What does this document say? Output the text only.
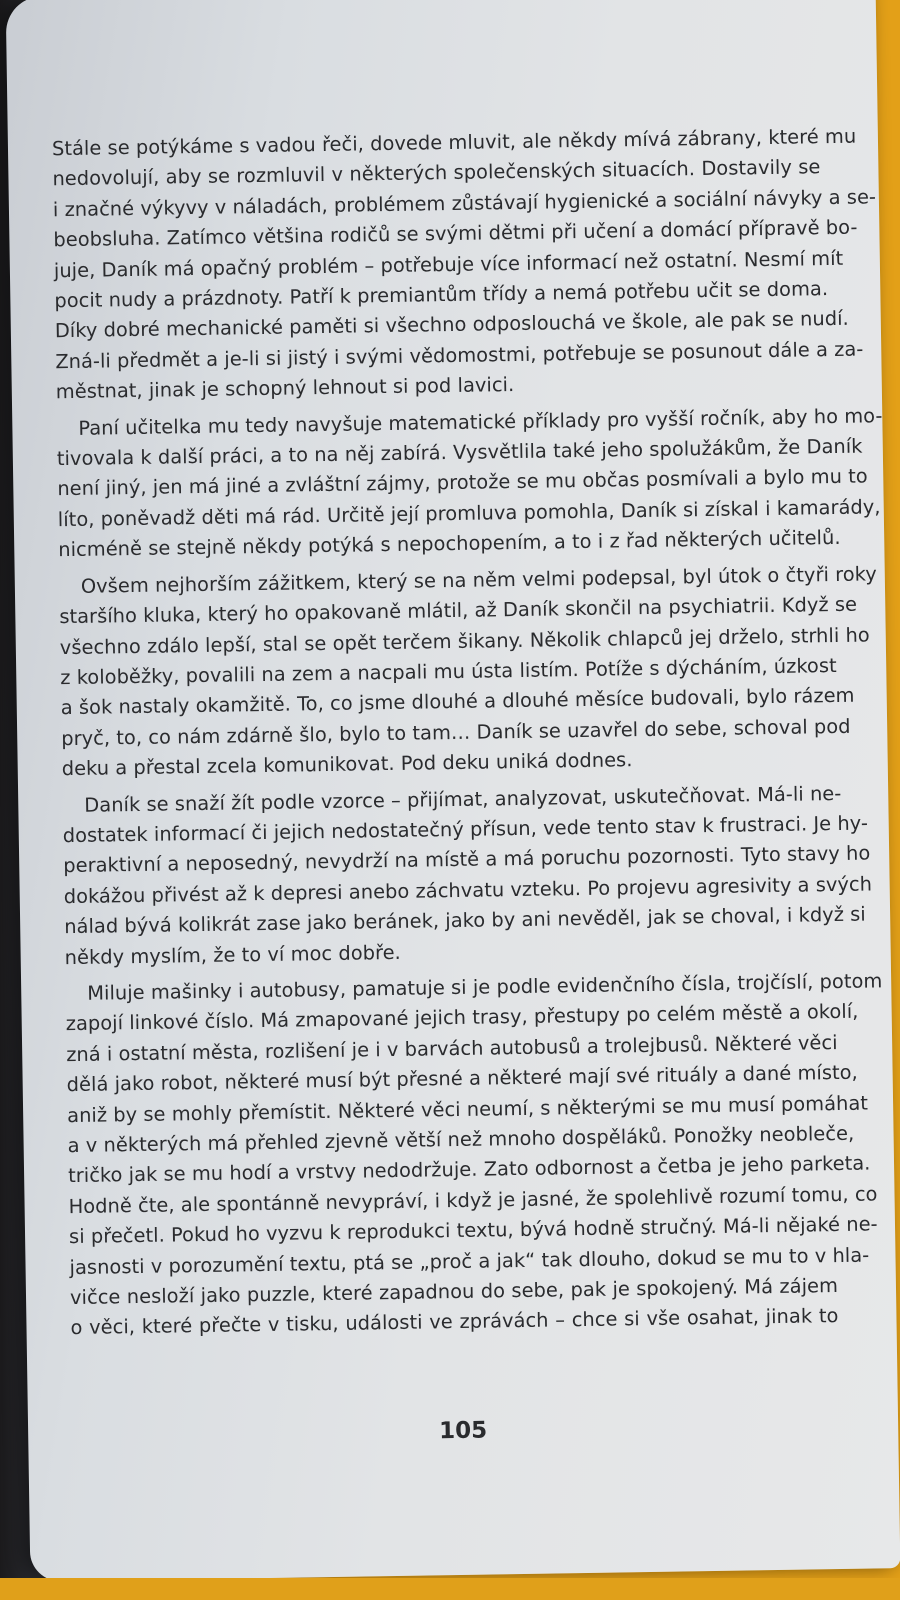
Stále se potýkáme s vadou řeči, dovede mluvit, ale někdy mívá zábrany, které mu
nedovolují, aby se rozmluvil v některých společenských situacích. Dostavily se
i značné výkyvy v náladách, problémem zůstávají hygienické a sociální návyky a se-
beobsluha. Zatímco většina rodičů se svými dětmi při učení a domácí přípravě bo-
juje, Daník má opačný problém – potřebuje více informací než ostatní. Nesmí mít
pocit nudy a prázdnoty. Patří k premiantům třídy a nemá potřebu učit se doma.
Díky dobré mechanické paměti si všechno odposlouchá ve škole, ale pak se nudí.
Zná-li předmět a je-li si jistý i svými vědomostmi, potřebuje se posunout dále a za-
městnat, jinak je schopný lehnout si pod lavici.
Paní učitelka mu tedy navyšuje matematické příklady pro vyšší ročník, aby ho mo-
tivovala k další práci, a to na něj zabírá. Vysvětlila také jeho spolužákům, že Daník
není jiný, jen má jiné a zvláštní zájmy, protože se mu občas posmívali a bylo mu to
líto, poněvadž děti má rád. Určitě její promluva pomohla, Daník si získal i kamarády,
nicméně se stejně někdy potýká s nepochopením, a to i z řad některých učitelů.
Ovšem nejhorším zážitkem, který se na něm velmi podepsal, byl útok o čtyři roky
staršího kluka, který ho opakovaně mlátil, až Daník skončil na psychiatrii. Když se
všechno zdálo lepší, stal se opět terčem šikany. Několik chlapců jej drželo, strhli ho
z koloběžky, povalili na zem a nacpali mu ústa listím. Potíže s dýcháním, úzkost
a šok nastaly okamžitě. To, co jsme dlouhé a dlouhé měsíce budovali, bylo rázem
pryč, to, co nám zdárně šlo, bylo to tam… Daník se uzavřel do sebe, schoval pod
deku a přestal zcela komunikovat. Pod deku uniká dodnes.
Daník se snaží žít podle vzorce – přijímat, analyzovat, uskutečňovat. Má-li ne-
dostatek informací či jejich nedostatečný přísun, vede tento stav k frustraci. Je hy-
peraktivní a neposedný, nevydrží na místě a má poruchu pozornosti. Tyto stavy ho
dokážou přivést až k depresi anebo záchvatu vzteku. Po projevu agresivity a svých
nálad bývá kolikrát zase jako beránek, jako by ani nevěděl, jak se choval, i když si
někdy myslím, že to ví moc dobře.
Miluje mašinky i autobusy, pamatuje si je podle evidenčního čísla, trojčíslí, potom
zapojí linkové číslo. Má zmapované jejich trasy, přestupy po celém městě a okolí,
zná i ostatní města, rozlišení je i v barvách autobusů a trolejbusů. Některé věci
dělá jako robot, některé musí být přesné a některé mají své rituály a dané místo,
aniž by se mohly přemístit. Některé věci neumí, s některými se mu musí pomáhat
a v některých má přehled zjevně větší než mnoho dospěláků. Ponožky neobleče,
tričko jak se mu hodí a vrstvy nedodržuje. Zato odbornost a četba je jeho parketa.
Hodně čte, ale spontánně nevypráví, i když je jasné, že spolehlivě rozumí tomu, co
si přečetl. Pokud ho vyzvu k reprodukci textu, bývá hodně stručný. Má-li nějaké ne-
jasnosti v porozumění textu, ptá se „proč a jak“ tak dlouho, dokud se mu to v hla-
vičce nesloží jako puzzle, které zapadnou do sebe, pak je spokojený. Má zájem
o věci, které přečte v tisku, události ve zprávách – chce si vše osahat, jinak to
105
